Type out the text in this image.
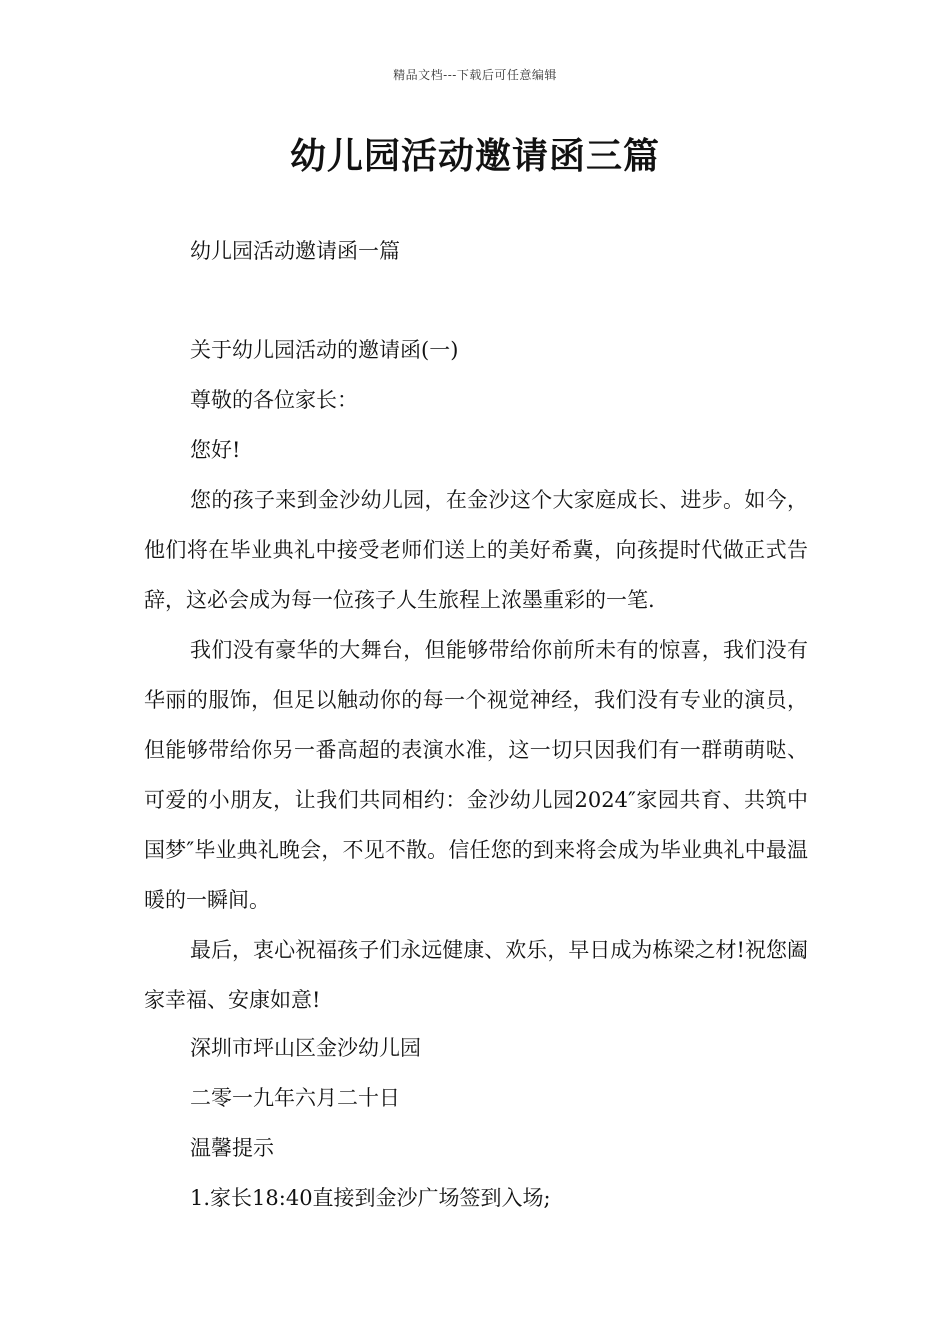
精品文档---下载后可任意编辑
幼儿园活动邀请函三篇
幼儿园活动邀请函一篇
关于幼儿园活动的邀请函(一)
尊敬的各位家长：
您好!

您的孩子来到金沙幼儿园，在金沙这个大家庭成长、进步。如今，他们将在毕业典礼中接受老师们送上的美好希冀，向孩提时代做正式告辞，这必会成为每一位孩子人生旅程上浓墨重彩的一笔.

我们没有豪华的大舞台，但能够带给你前所未有的惊喜，我们没有华丽的服饰，但足以触动你的每一个视觉神经，我们没有专业的演员，但能够带给你另一番高超的表演水准，这一切只因我们有一群萌萌哒、可爱的小朋友，让我们共同相约：金沙幼儿园2024″家园共育、共筑中国梦″毕业典礼晚会，不见不散。信任您的到来将会成为毕业典礼中最温暖的一瞬间。

最后，衷心祝福孩子们永远健康、欢乐，早日成为栋梁之材!祝您阖家幸福、安康如意!

深圳市坪山区金沙幼儿园
二零一九年六月二十日
温馨提示
1.家长18:40直接到金沙广场签到入场;
